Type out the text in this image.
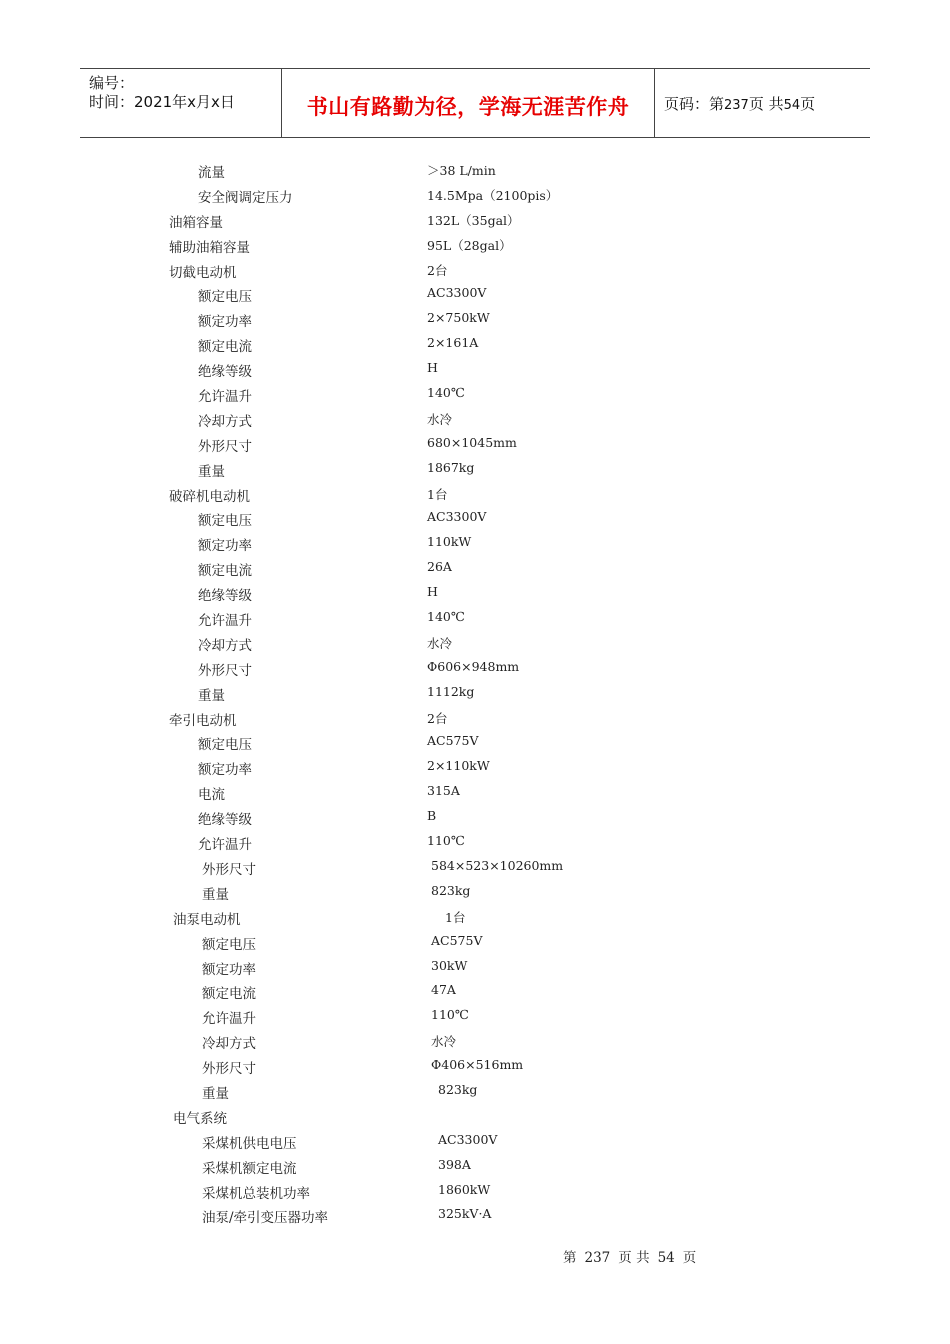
编号：
时间：2021年x月x日	书山有路勤为径，学海无涯苦作舟	页码：第237页 共54页
流量	＞38 L/min
安全阀调定压力	14.5Mpa（2100pis）
油箱容量	132L（35gal）
辅助油箱容量	95L（28gal）
切截电动机	2台
额定电压	AC3300V
额定功率	2×750kW
额定电流	2×161A
绝缘等级	H
允许温升	140℃
冷却方式	水冷
外形尺寸	680×1045mm
重量	1867kg
破碎机电动机	1台
额定电压	AC3300V
额定功率	110kW
额定电流	26A
绝缘等级	H
允许温升	140℃
冷却方式	水冷
外形尺寸	Φ606×948mm
重量	1112kg
牵引电动机	2台
额定电压	AC575V
额定功率	2×110kW
电流	315A
绝缘等级	B
允许温升	110℃
外形尺寸	584×523×10260mm
重量	823kg
油泵电动机	1台
额定电压	AC575V
额定功率	30kW
额定电流	47A
允许温升	110℃
冷却方式	水冷
外形尺寸	Φ406×516mm
重量	823kg
电气系统
采煤机供电电压	AC3300V
采煤机额定电流	398A
采煤机总装机功率	1860kW
油泵/牵引变压器功率	325kV·A
第 237 页 共 54 页
